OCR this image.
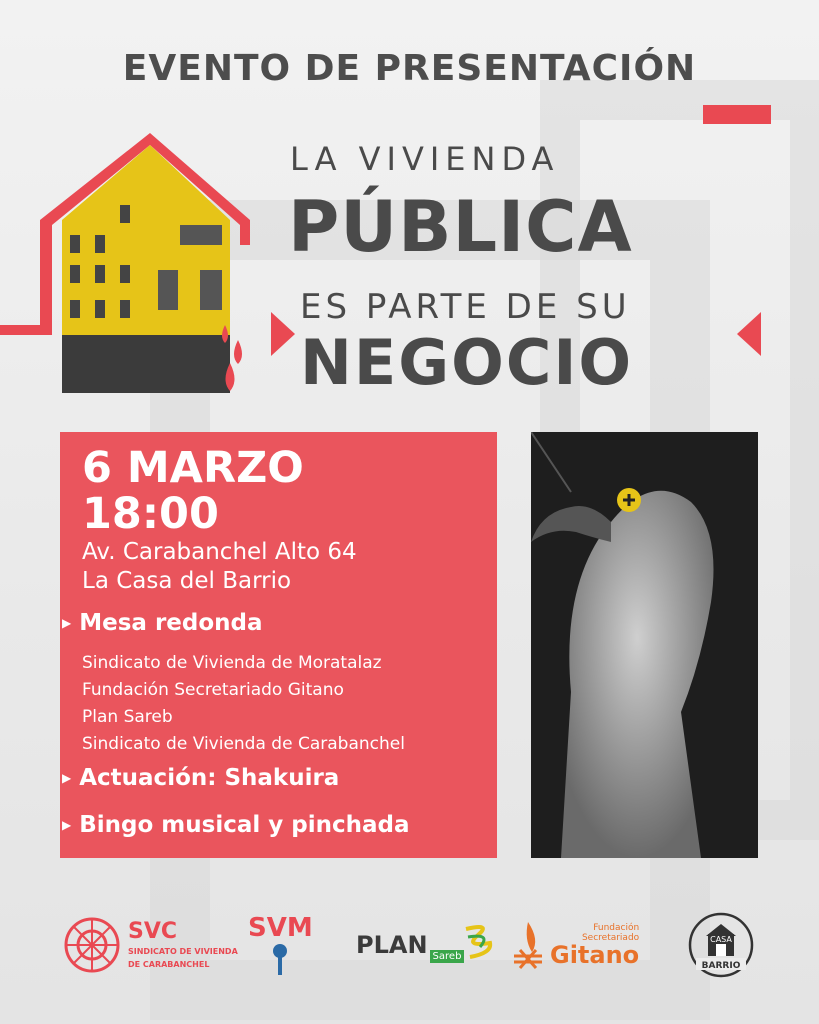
EVENTO DE PRESENTACIÓN
LA VIVIENDA
PÚBLICA
ES PARTE DE SU
NEGOCIO
6 MARZO
18:00
Av. Carabanchel Alto 64
La Casa del Barrio
▶ Mesa redonda
Sindicato de Vivienda de Moratalaz
Fundación Secretariado Gitano
Plan Sareb
Sindicato de Vivienda de Carabanchel
▶ Actuación: Shakuira
▶ Bingo musical y pinchada
SVC
SINDICATO DE VIVIENDA
DE CARABANCHEL
SVM
PLAN Sareb
Fundación
Secretariado
Gitano
CASA
BARRIO
